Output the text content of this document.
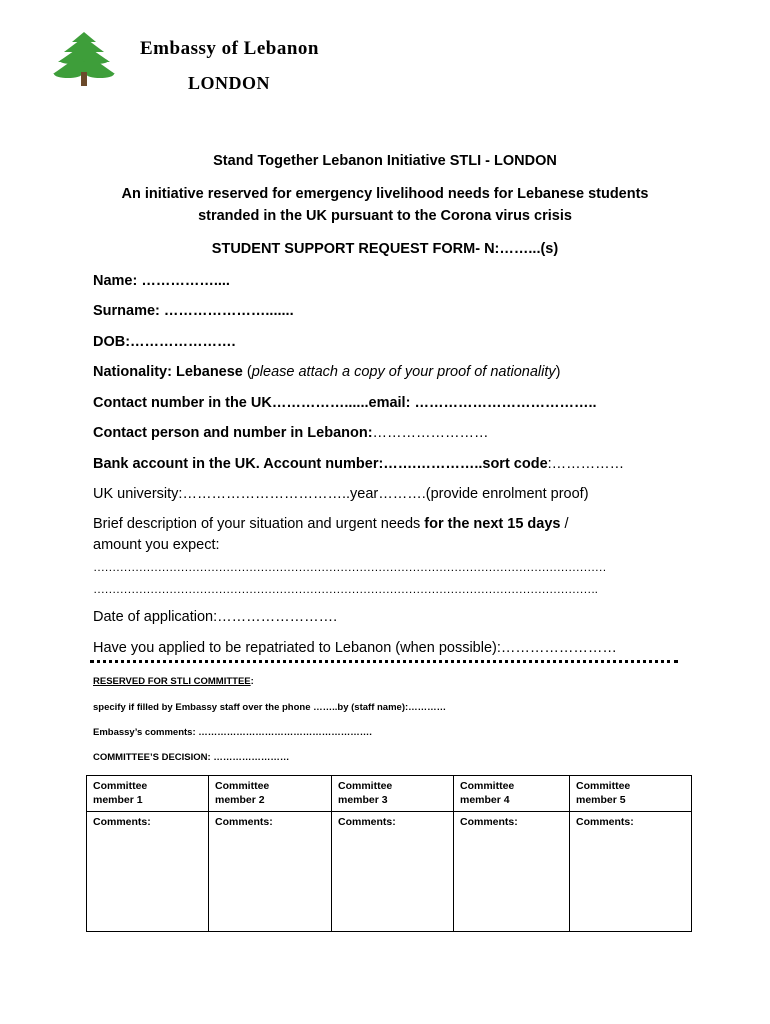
Embassy of Lebanon
LONDON
Stand Together Lebanon Initiative STLI - LONDON
An initiative reserved for emergency livelihood needs for Lebanese students
stranded in the UK pursuant to the Corona virus crisis
STUDENT SUPPORT REQUEST FORM- N:……...(s)
Name: ……………....
Surname: ………………….......
DOB:………………….
Nationality: Lebanese (please attach a copy of your proof of nationality)
Contact number in the UK……………......email: ………………………………..
Contact person and number in Lebanon:……………………
Bank account in the UK. Account number:…….…………..sort code:……………
UK university:……………………………..year……….(provide enrolment proof)
Brief description of your situation and urgent needs for the next 15 days /
amount you expect:
………………………………………………………………………………………………………………………
…………………………………………………………………………………………………………………….
Date of application:…………………….
Have you applied to be repatriated to Lebanon (when possible):……………………
RESERVED FOR STLI COMMITTEE:
specify if filled by Embassy staff over the phone ……..by (staff name):…………
Embassy’s comments: ……………………………………………….
COMMITTEE’S DECISION: ……………………
Committee
member 1	Committee
member 2	Committee
member 3	Committee
member 4	Committee
member 5
Comments:	Comments:	Comments:	Comments:	Comments:
